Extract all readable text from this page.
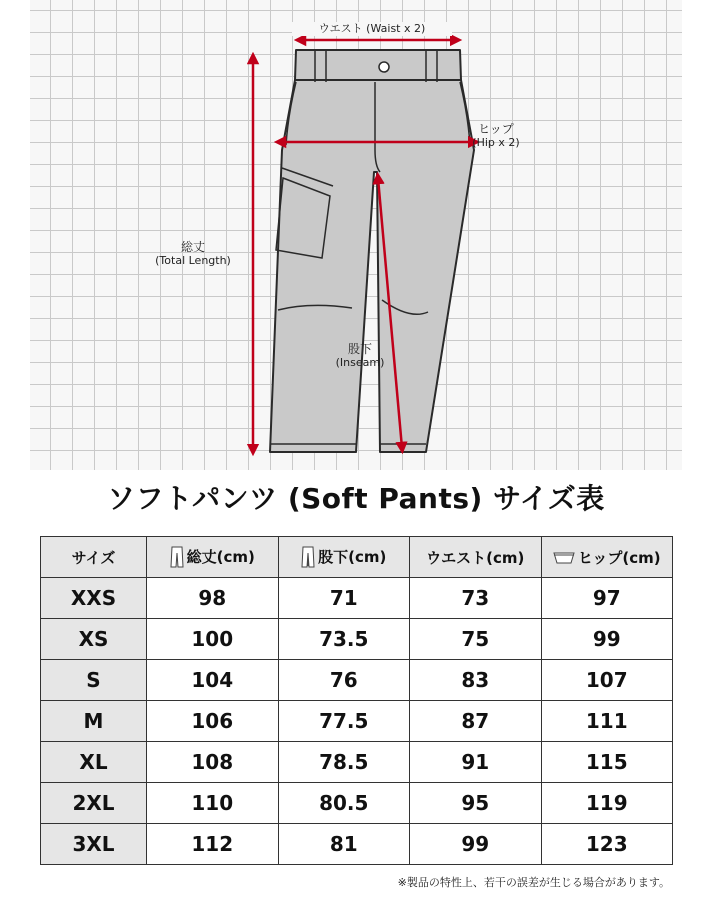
ウエスト (Waist x 2)
ヒップ
(Hip x 2)
総丈
(Total Length)
股下
(Inseam)
ソフトパンツ (Soft Pants) サイズ表
サイズ	総丈(cm)	股下(cm)	ウエスト(cm)	ヒップ(cm)
XXS	98	71	73	97
XS	100	73.5	75	99
S	104	76	83	107
M	106	77.5	87	111
XL	108	78.5	91	115
2XL	110	80.5	95	119
3XL	112	81	99	123
※製品の特性上、若干の誤差が生じる場合があります。
